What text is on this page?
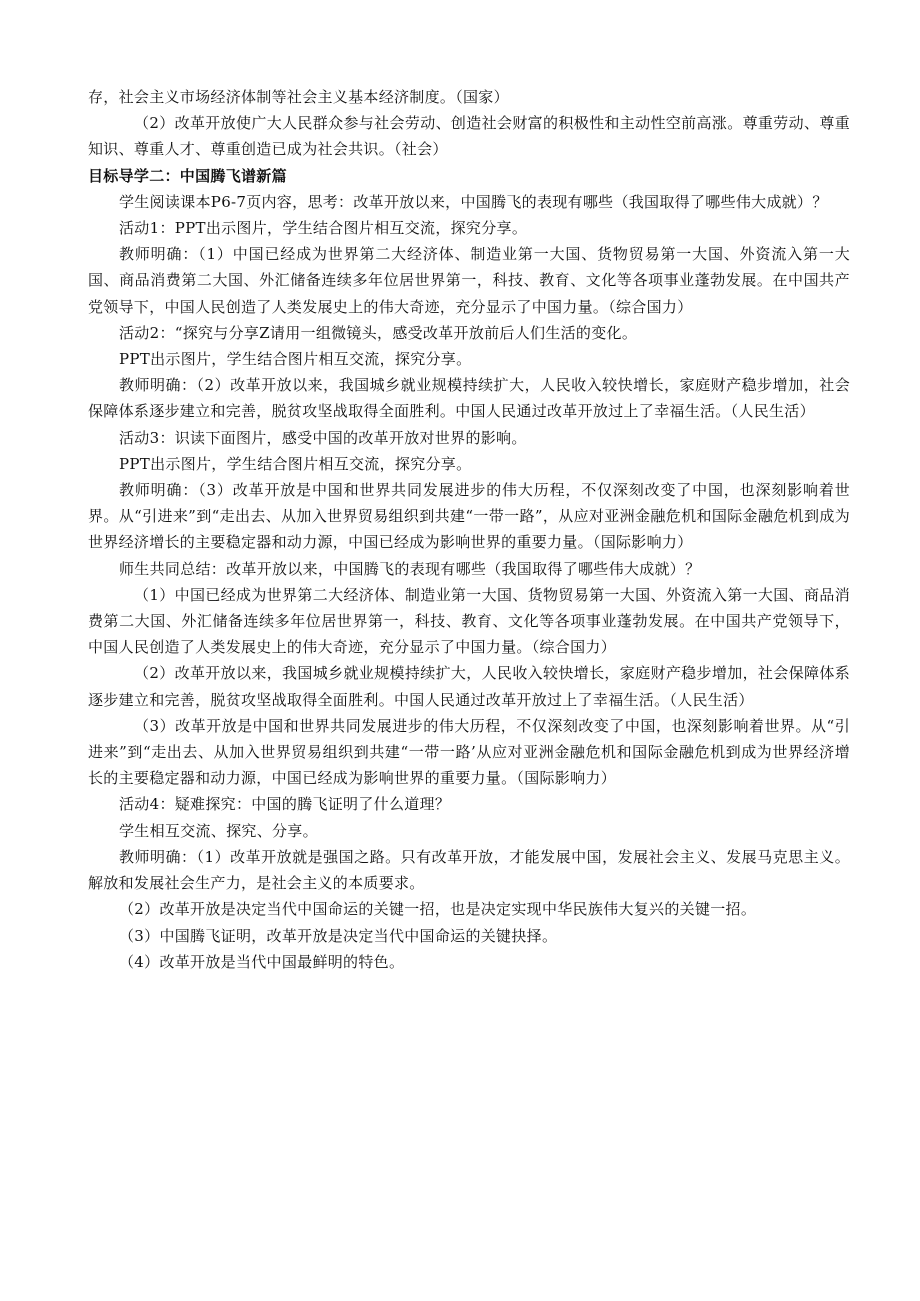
存，社会主义市场经济体制等社会主义基本经济制度。（国家）

（2）改革开放使广大人民群众参与社会劳动、创造社会财富的积极性和主动性空前高涨。尊重劳动、尊重知识、尊重人才、尊重创造已成为社会共识。（社会）

目标导学二：中国腾飞谱新篇

学生阅读课本P6-7页内容，思考：改革开放以来，中国腾飞的表现有哪些（我国取得了哪些伟大成就）？

活动1：PPT出示图片，学生结合图片相互交流，探究分享。

教师明确：（1）中国已经成为世界第二大经济体、制造业第一大国、货物贸易第一大国、外资流入第一大国、商品消费第二大国、外汇储备连续多年位居世界第一，科技、教育、文化等各项事业蓬勃发展。在中国共产党领导下，中国人民创造了人类发展史上的伟大奇迹，充分显示了中国力量。（综合国力）

活动2：“探究与分享Z请用一组微镜头，感受改革开放前后人们生活的变化。

PPT出示图片，学生结合图片相互交流，探究分享。

教师明确：（2）改革开放以来，我国城乡就业规模持续扩大，人民收入较快增长，家庭财产稳步增加，社会保障体系逐步建立和完善，脱贫攻坚战取得全面胜利。中国人民通过改革开放过上了幸福生活。（人民生活）

活动3：识读下面图片，感受中国的改革开放对世界的影响。

PPT出示图片，学生结合图片相互交流，探究分享。

教师明确：（3）改革开放是中国和世界共同发展进步的伟大历程，不仅深刻改变了中国，也深刻影响着世界。从“引进来”到“走出去、从加入世界贸易组织到共建“一带一路”，从应对亚洲金融危机和国际金融危机到成为世界经济增长的主要稳定器和动力源，中国已经成为影响世界的重要力量。（国际影响力）

师生共同总结：改革开放以来，中国腾飞的表现有哪些（我国取得了哪些伟大成就）？

（1）中国已经成为世界第二大经济体、制造业第一大国、货物贸易第一大国、外资流入第一大国、商品消费第二大国、外汇储备连续多年位居世界第一，科技、教育、文化等各项事业蓬勃发展。在中国共产党领导下，中国人民创造了人类发展史上的伟大奇迹，充分显示了中国力量。（综合国力）

（2）改革开放以来，我国城乡就业规模持续扩大，人民收入较快增长，家庭财产稳步增加，社会保障体系逐步建立和完善，脱贫攻坚战取得全面胜利。中国人民通过改革开放过上了幸福生活。（人民生活）

（3）改革开放是中国和世界共同发展进步的伟大历程，不仅深刻改变了中国，也深刻影响着世界。从“引进来”到“走出去、从加入世界贸易组织到共建“一带一路’从应对亚洲金融危机和国际金融危机到成为世界经济增长的主要稳定器和动力源，中国已经成为影响世界的重要力量。（国际影响力）

活动4：疑难探究：中国的腾飞证明了什么道理？

学生相互交流、探究、分享。

教师明确：（1）改革开放就是强国之路。只有改革开放，才能发展中国，发展社会主义、发展马克思主义。解放和发展社会生产力，是社会主义的本质要求。

（2）改革开放是决定当代中国命运的关键一招，也是决定实现中华民族伟大复兴的关键一招。

（3）中国腾飞证明，改革开放是决定当代中国命运的关键抉择。

（4）改革开放是当代中国最鲜明的特色。
